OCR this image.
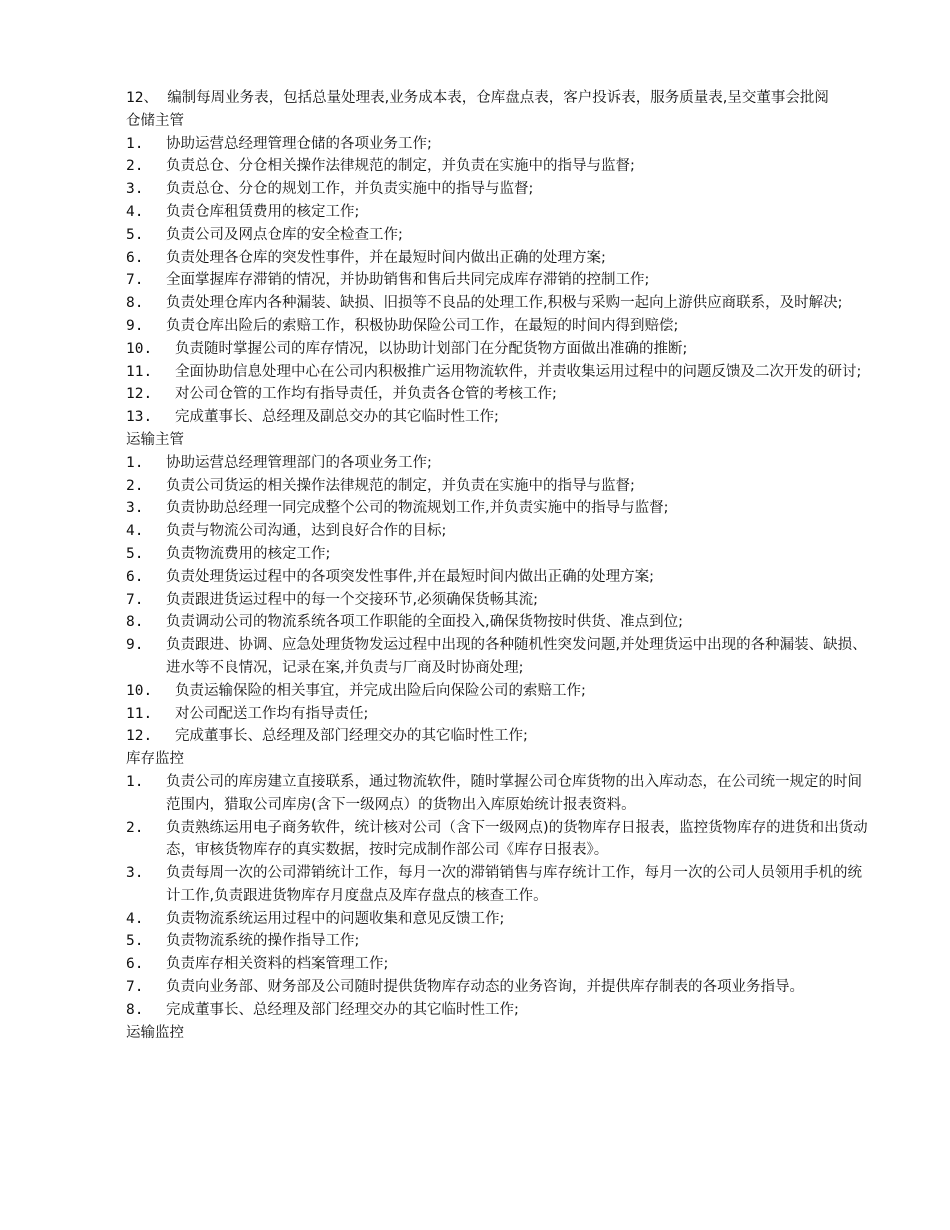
12、 编制每周业务表，包括总量处理表,业务成本表，仓库盘点表，客户投诉表，服务质量表,呈交董事会批阅

仓储主管

1.	协助运营总经理管理仓储的各项业务工作;
2.	负责总仓、分仓相关操作法律规范的制定，并负责在实施中的指导与监督;
3.	负责总仓、分仓的规划工作，并负责实施中的指导与监督;
4.	负责仓库租赁费用的核定工作;
5.	负责公司及网点仓库的安全检查工作;
6.	负责处理各仓库的突发性事件，并在最短时间内做出正确的处理方案;
7.	全面掌握库存滞销的情况，并协助销售和售后共同完成库存滞销的控制工作;
8.	负责处理仓库内各种漏装、缺损、旧损等不良品的处理工作,积极与采购一起向上游供应商联系，及时解决;
9.	负责仓库出险后的索赔工作，积极协助保险公司工作，在最短的时间内得到赔偿;
10.	负责随时掌握公司的库存情况，以协助计划部门在分配货物方面做出准确的推断;
11.	全面协助信息处理中心在公司内积极推广运用物流软件，并责收集运用过程中的问题反馈及二次开发的研讨;
12.	对公司仓管的工作均有指导责任，并负责各仓管的考核工作;
13.	完成董事长、总经理及副总交办的其它临时性工作;

运输主管

1.	协助运营总经理管理部门的各项业务工作;
2.	负责公司货运的相关操作法律规范的制定，并负责在实施中的指导与监督;
3.	负责协助总经理一同完成整个公司的物流规划工作,并负责实施中的指导与监督;
4.	负责与物流公司沟通，达到良好合作的目标;
5.	负责物流费用的核定工作;
6.	负责处理货运过程中的各项突发性事件,并在最短时间内做出正确的处理方案;
7.	负责跟进货运过程中的每一个交接环节,必须确保货畅其流;
8.	负责调动公司的物流系统各项工作职能的全面投入,确保货物按时供货、准点到位;
9.	负责跟进、协调、应急处理货物发运过程中出现的各种随机性突发问题,并处理货运中出现的各种漏装、缺损、进水等不良情况，记录在案,并负责与厂商及时协商处理;
10.	负责运输保险的相关事宜，并完成出险后向保险公司的索赔工作;
11.	对公司配送工作均有指导责任;
12.	完成董事长、总经理及部门经理交办的其它临时性工作;

库存监控

1.	负责公司的库房建立直接联系，通过物流软件，随时掌握公司仓库货物的出入库动态，在公司统一规定的时间范围内，猎取公司库房(含下一级网点）的货物出入库原始统计报表资料。
2.	负责熟练运用电子商务软件，统计核对公司（含下一级网点)的货物库存日报表，监控货物库存的进货和出货动态，审核货物库存的真实数据，按时完成制作部公司《库存日报表》。
3.	负责每周一次的公司滞销统计工作，每月一次的滞销销售与库存统计工作，每月一次的公司人员领用手机的统计工作,负责跟进货物库存月度盘点及库存盘点的核查工作。
4.	负责物流系统运用过程中的问题收集和意见反馈工作;
5.	负责物流系统的操作指导工作;
6.	负责库存相关资料的档案管理工作;
7.	负责向业务部、财务部及公司随时提供货物库存动态的业务咨询，并提供库存制表的各项业务指导。
8.	完成董事长、总经理及部门经理交办的其它临时性工作;

运输监控
